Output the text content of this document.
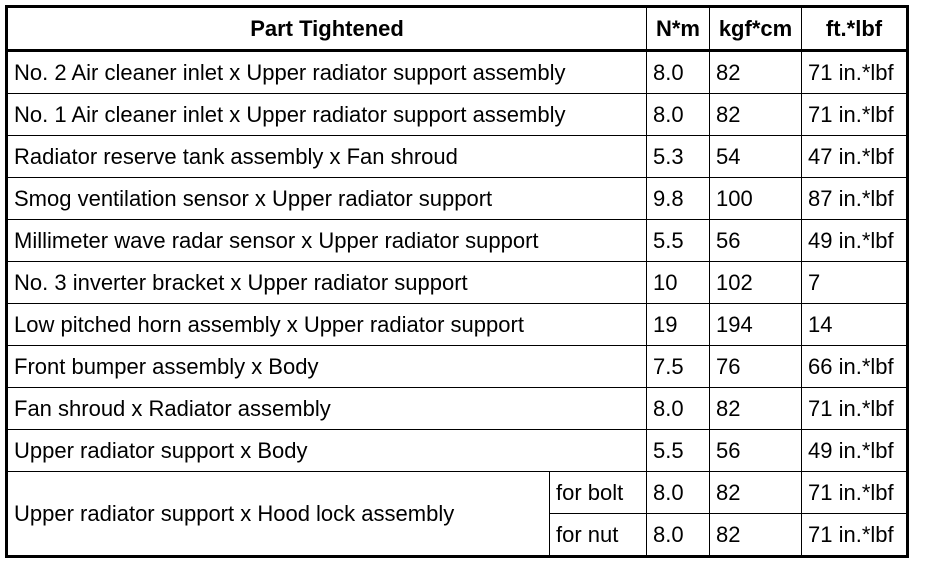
Part Tightened		N*m	kgf*cm	ft.*lbf
No. 2 Air cleaner inlet x Upper radiator support assembly		8.0	82	71 in.*lbf
No. 1 Air cleaner inlet x Upper radiator support assembly		8.0	82	71 in.*lbf
Radiator reserve tank assembly x Fan shroud		5.3	54	47 in.*lbf
Smog ventilation sensor x Upper radiator support		9.8	100	87 in.*lbf
Millimeter wave radar sensor x Upper radiator support		5.5	56	49 in.*lbf
No. 3 inverter bracket x Upper radiator support		10	102	7
Low pitched horn assembly x Upper radiator support		19	194	14
Front bumper assembly x Body		7.5	76	66 in.*lbf
Fan shroud x Radiator assembly		8.0	82	71 in.*lbf
Upper radiator support x Body		5.5	56	49 in.*lbf
Upper radiator support x Hood lock assembly	for bolt	8.0	82	71 in.*lbf
	for nut	8.0	82	71 in.*lbf
